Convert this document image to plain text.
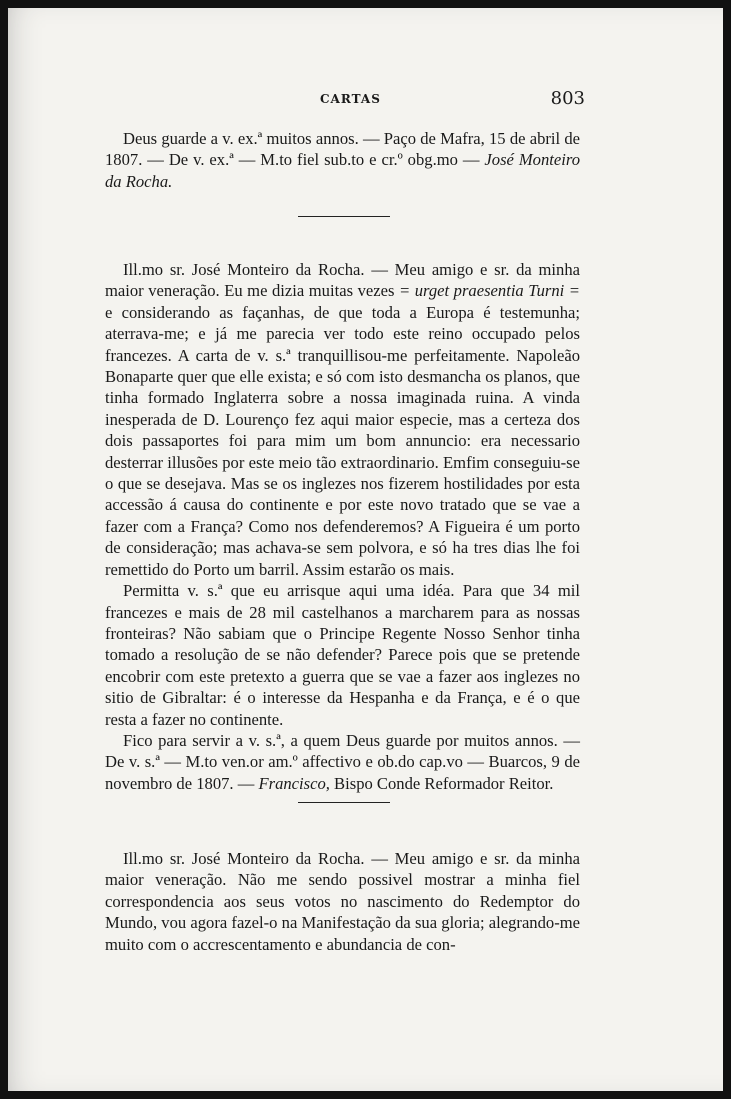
CARTAS	803

Deus guarde a v. ex.ª muitos annos. — Paço de Mafra, 15 de abril de 1807. — De v. ex.ª — M.to fiel sub.to e cr.º obg.mo — José Monteiro da Rocha.

Ill.mo sr. José Monteiro da Rocha. — Meu amigo e sr. da minha maior veneração. Eu me dizia muitas vezes = urget praesentia Turni = e considerando as façanhas, de que toda a Europa é testemunha; aterrava-me; e já me parecia ver todo este reino occupado pelos francezes. A carta de v. s.ª tranquillisou-me perfeitamente. Napoleão Bonaparte quer que elle exista; e só com isto desmancha os planos, que tinha formado Inglaterra sobre a nossa imaginada ruina. A vinda inesperada de D. Lourenço fez aqui maior especie, mas a certeza dos dois passaportes foi para mim um bom annuncio: era necessario desterrar illusões por este meio tão extraordinario. Emfim conseguiu-se o que se desejava. Mas se os inglezes nos fizerem hostilidades por esta accessão á causa do continente e por este novo tratado que se vae a fazer com a França? Como nos defenderemos? A Figueira é um porto de consideração; mas achava-se sem polvora, e só ha tres dias lhe foi remettido do Porto um barril. Assim estarão os mais.

Permitta v. s.ª que eu arrisque aqui uma idéa. Para que 34 mil francezes e mais de 28 mil castelhanos a marcharem para as nossas fronteiras? Não sabiam que o Principe Regente Nosso Senhor tinha tomado a resolução de se não defender? Parece pois que se pretende encobrir com este pretexto a guerra que se vae a fazer aos inglezes no sitio de Gibraltar: é o interesse da Hespanha e da França, e é o que resta a fazer no continente.

Fico para servir a v. s.ª, a quem Deus guarde por muitos annos. — De v. s.ª — M.to ven.or am.º affectivo e ob.do cap.vo — Buarcos, 9 de novembro de 1807. — Francisco, Bispo Conde Reformador Reitor.

Ill.mo sr. José Monteiro da Rocha. — Meu amigo e sr. da minha maior veneração. Não me sendo possivel mostrar a minha fiel correspondencia aos seus votos no nascimento do Redemptor do Mundo, vou agora fazel-o na Manifestação da sua gloria; alegrando-me muito com o accrescentamento e abundancia de con-
